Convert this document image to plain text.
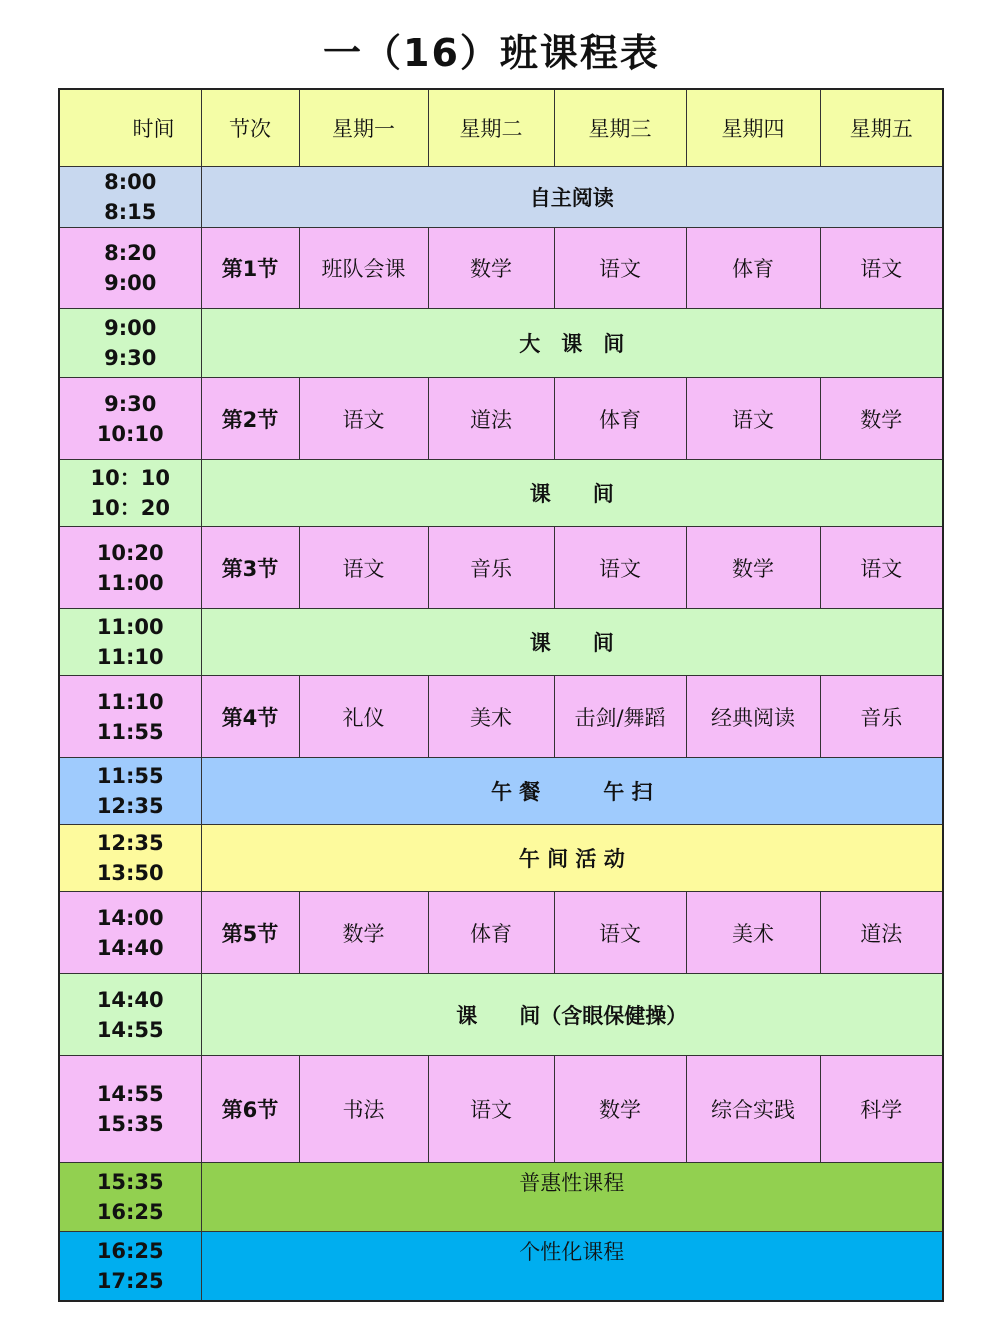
一（16）班课程表
时间	节次	星期一	星期二	星期三	星期四	星期五

8:00
8:15	自主阅读					

8:20
9:00	第1节	班队会课	数学	语文	体育	语文

9:00
9:30	大　课　间					

9:30
10:10	第2节	语文	道法	体育	语文	数学

10：10
10：20	课　　间					

10:20
11:00	第3节	语文	音乐	语文	数学	语文

11:00
11:10	课　　间					

11:10
11:55	第4节	礼仪	美术	击剑/舞蹈	经典阅读	音乐

11:55
12:35	午 餐　　　午 扫					

12:35
13:50	午 间 活 动					

14:00
14:40	第5节	数学	体育	语文	美术	道法

14:40
14:55	课　　间（含眼保健操）					

14:55
15:35	第6节	书法	语文	数学	综合实践	科学

15:35
16:25	普惠性课程					

16:25
17:25	个性化课程					
